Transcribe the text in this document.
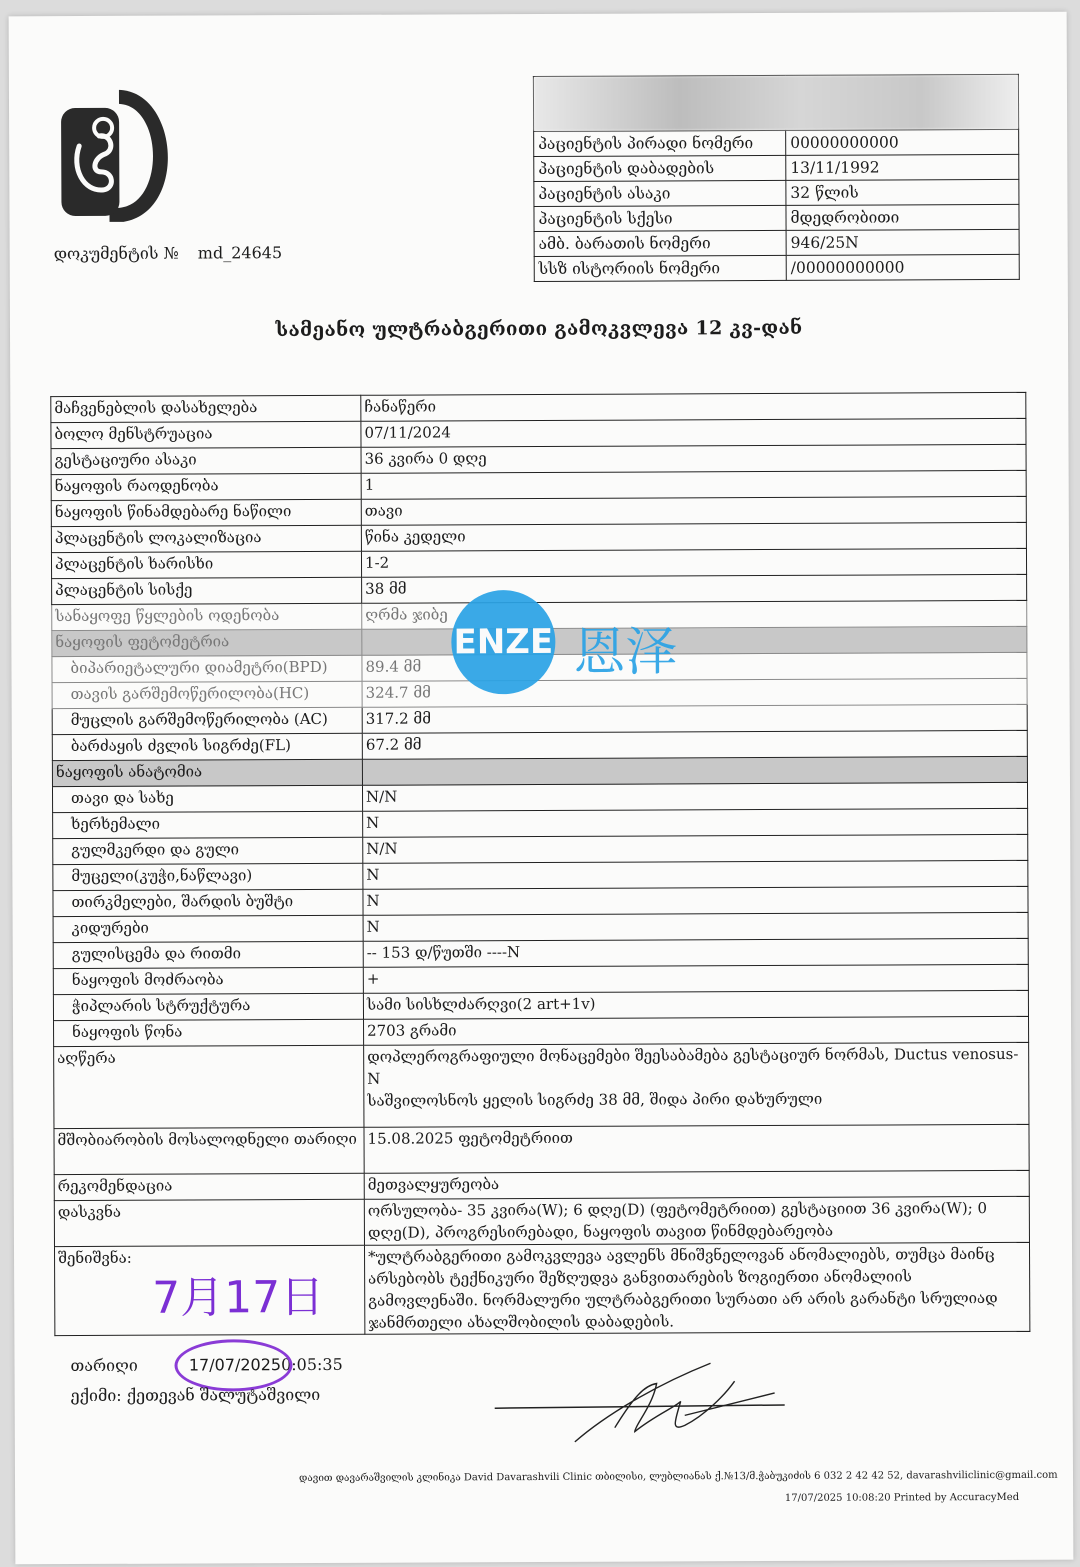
დოკუმენტის № md_24645

პაციენტის პირადი ნომერი	00000000000
პაციენტის დაბადების	13/11/1992
პაციენტის ასაკი	32 წლის
პაციენტის სქესი	მდედრობითი
ამბ. ბარათის ნომერი	946/25N
სსზ ისტორიის ნომერი	/00000000000
სამეანო ულტრაბგერითი გამოკვლევა 12 კვ-დან
მაჩვენებლის დასახელება	ჩანაწერი
ბოლო მენსტრუაცია	07/11/2024
გესტაციური ასაკი	36 კვირა 0 დღე
ნაყოფის რაოდენობა	1
ნაყოფის წინამდებარე ნაწილი	თავი
პლაცენტის ლოკალიზაცია	წინა კედელი
პლაცენტის ხარისხი	1-2
პლაცენტის სისქე	38 მმ
სანაყოფე წყლების ოდენობა	ღრმა ჯიბე
ნაყოფის ფეტომეტრია	
ბიპარიეტალური დიამეტრი(BPD)	89.4 მმ
თავის გარშემოწერილობა(HC)	324.7 მმ
მუცლის გარშემოწერილობა (AC)	317.2 მმ
ბარძაყის ძვლის სიგრძე(FL)	67.2 მმ
ნაყოფის ანატომია	
თავი და სახე	N/N
ხერხემალი	N
გულმკერდი და გული	N/N
მუცელი(კუჭი,ნაწლავი)	N
თირკმელები, შარდის ბუშტი	N
კიდურები	N
გულისცემა და რითმი	-- 153 დ/წუთში ----N
ნაყოფის მოძრაობა	+
ჭიპლარის სტრუქტურა	სამი სისხლძარღვი(2 art+1v)
ნაყოფის წონა	2703 გრამი
აღწერა	დოპლეროგრაფიული მონაცემები შეესაბამება გესტაციურ ნორმას, Ductus venosus-N
საშვილოსნოს ყელის სიგრძე 38 მმ, შიდა პირი დახურული
მშობიარობის მოსალოდნელი თარიღი	15.08.2025 ფეტომეტრიით
რეკომენდაცია	მეთვალყურეობა
დასკვნა	ორსულობა- 35 კვირა(W); 6 დღე(D) (ფეტომეტრიით) გესტაციით 36 კვირა(W); 0 დღე(D), პროგრესირებადი, ნაყოფის თავით წინმდებარეობა
შენიშვნა:	*ულტრაბგერითი გამოკვლევა ავლენს მნიშვნელოვან ანომალიებს, თუმცა მაინც არსებობს ტექნიკური შეზღუდვა განვითარების ზოგიერთი ანომალიის გამოვლენაში. ნორმალური ულტრაბგერითი სურათი არ არის გარანტი სრულიად ჯანმრთელი ახალშობილის დაბადების.
ENZE 恩泽
7月17日
თარიღი	17/07/20250:05:35
ექიმი: ქეთევან შალუტაშვილი
დავით დავარაშვილის კლინიკა David Davarashvili Clinic თბილისი, ლუბლიანას ქ.№13/მ.ჭაბუკიძის 6 032 2 42 42 52, davarashviliclinic@gmail.com
17/07/2025 10:08:20 Printed by AccuracyMed
